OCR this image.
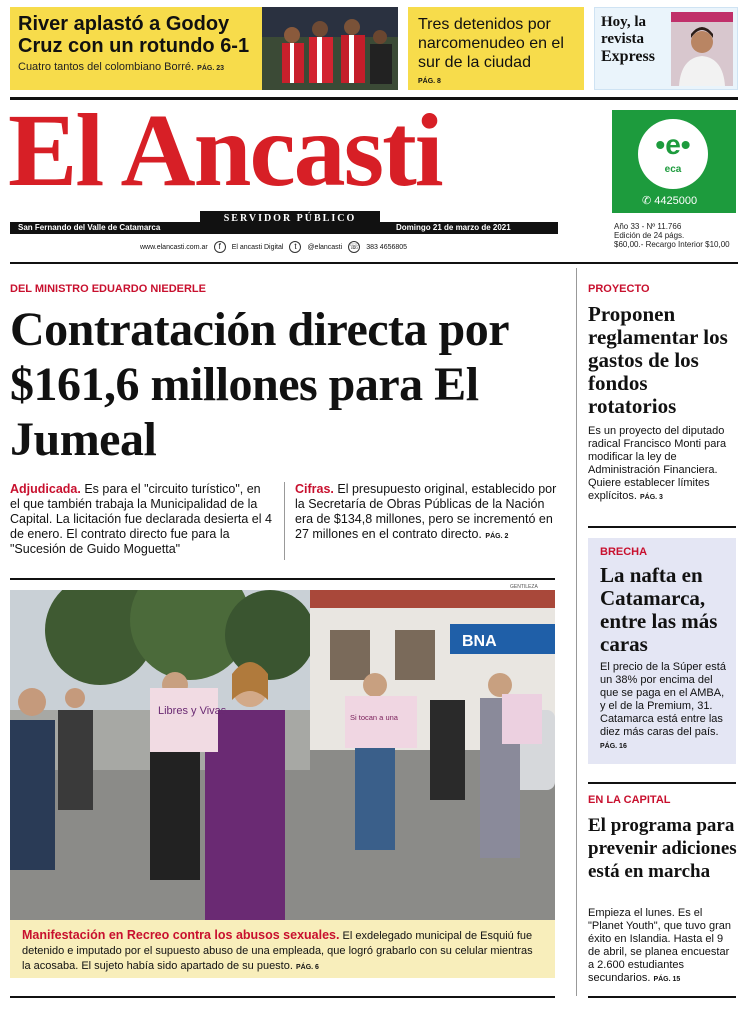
River aplastó a Godoy Cruz con un rotundo 6-1
Cuatro tantos del colombiano Borré. PÁG. 23
Tres detenidos por narcomenudeo en el sur de la ciudad
PÁG. 8
Hoy, la
revista
Express
El Ancasti
San Fernando del Valle de Catamarca	Domingo 21 de marzo de 2021
SERVIDOR PÚBLICO
www.elancasti.com.ar	f	El ancasti Digital	t	@elancasti ☏ 383 4656805
•e•
eca
✆ 4425000
Año 33 - Nº 11.766
Edición de 24 págs.
$60,00.- Recargo Interior $10,00
DEL MINISTRO EDUARDO NIEDERLE
Contratación directa por $161,6 millones para El Jumeal
Adjudicada. Es para el "circuito turístico", en el que también trabaja la Municipalidad de la Capital. La licitación fue declarada desierta el 4 de enero. El contrato directo fue para la "Sucesión de Guido Moguetta"
Cifras. El presupuesto original, establecido por la Secretaría de Obras Públicas de la Nación era de $134,8 millones, pero se incrementó en 27 millones en el contrato directo. PÁG. 2
GENTILEZA
BNA
Libres y Vivas
Si tocan a una
Manifestación en Recreo contra los abusos sexuales. El exdelegado municipal de Esquiú fue detenido e imputado por el supuesto abuso de una empleada, que logró grabarlo con su celular mientras la acosaba. El sujeto había sido apartado de su puesto. PÁG. 6
PROYECTO
Proponen reglamentar los gastos de los fondos rotatorios
Es un proyecto del diputado radical Francisco Monti para modificar la ley de Administración Financiera. Quiere establecer límites explícitos. PÁG. 3
BRECHA
La nafta en Catamarca, entre las más caras
El precio de la Súper está un 38% por encima del que se paga en el AMBA, y el de la Premium, 31. Catamarca está entre las diez más caras del país. PÁG. 16
EN LA CAPITAL
El programa para prevenir adiciones está en marcha
Empieza el lunes. Es el "Planet Youth", que tuvo gran éxito en Islandia. Hasta el 9 de abril, se planea encuestar a 2.600 estudiantes secundarios. PÁG. 15
